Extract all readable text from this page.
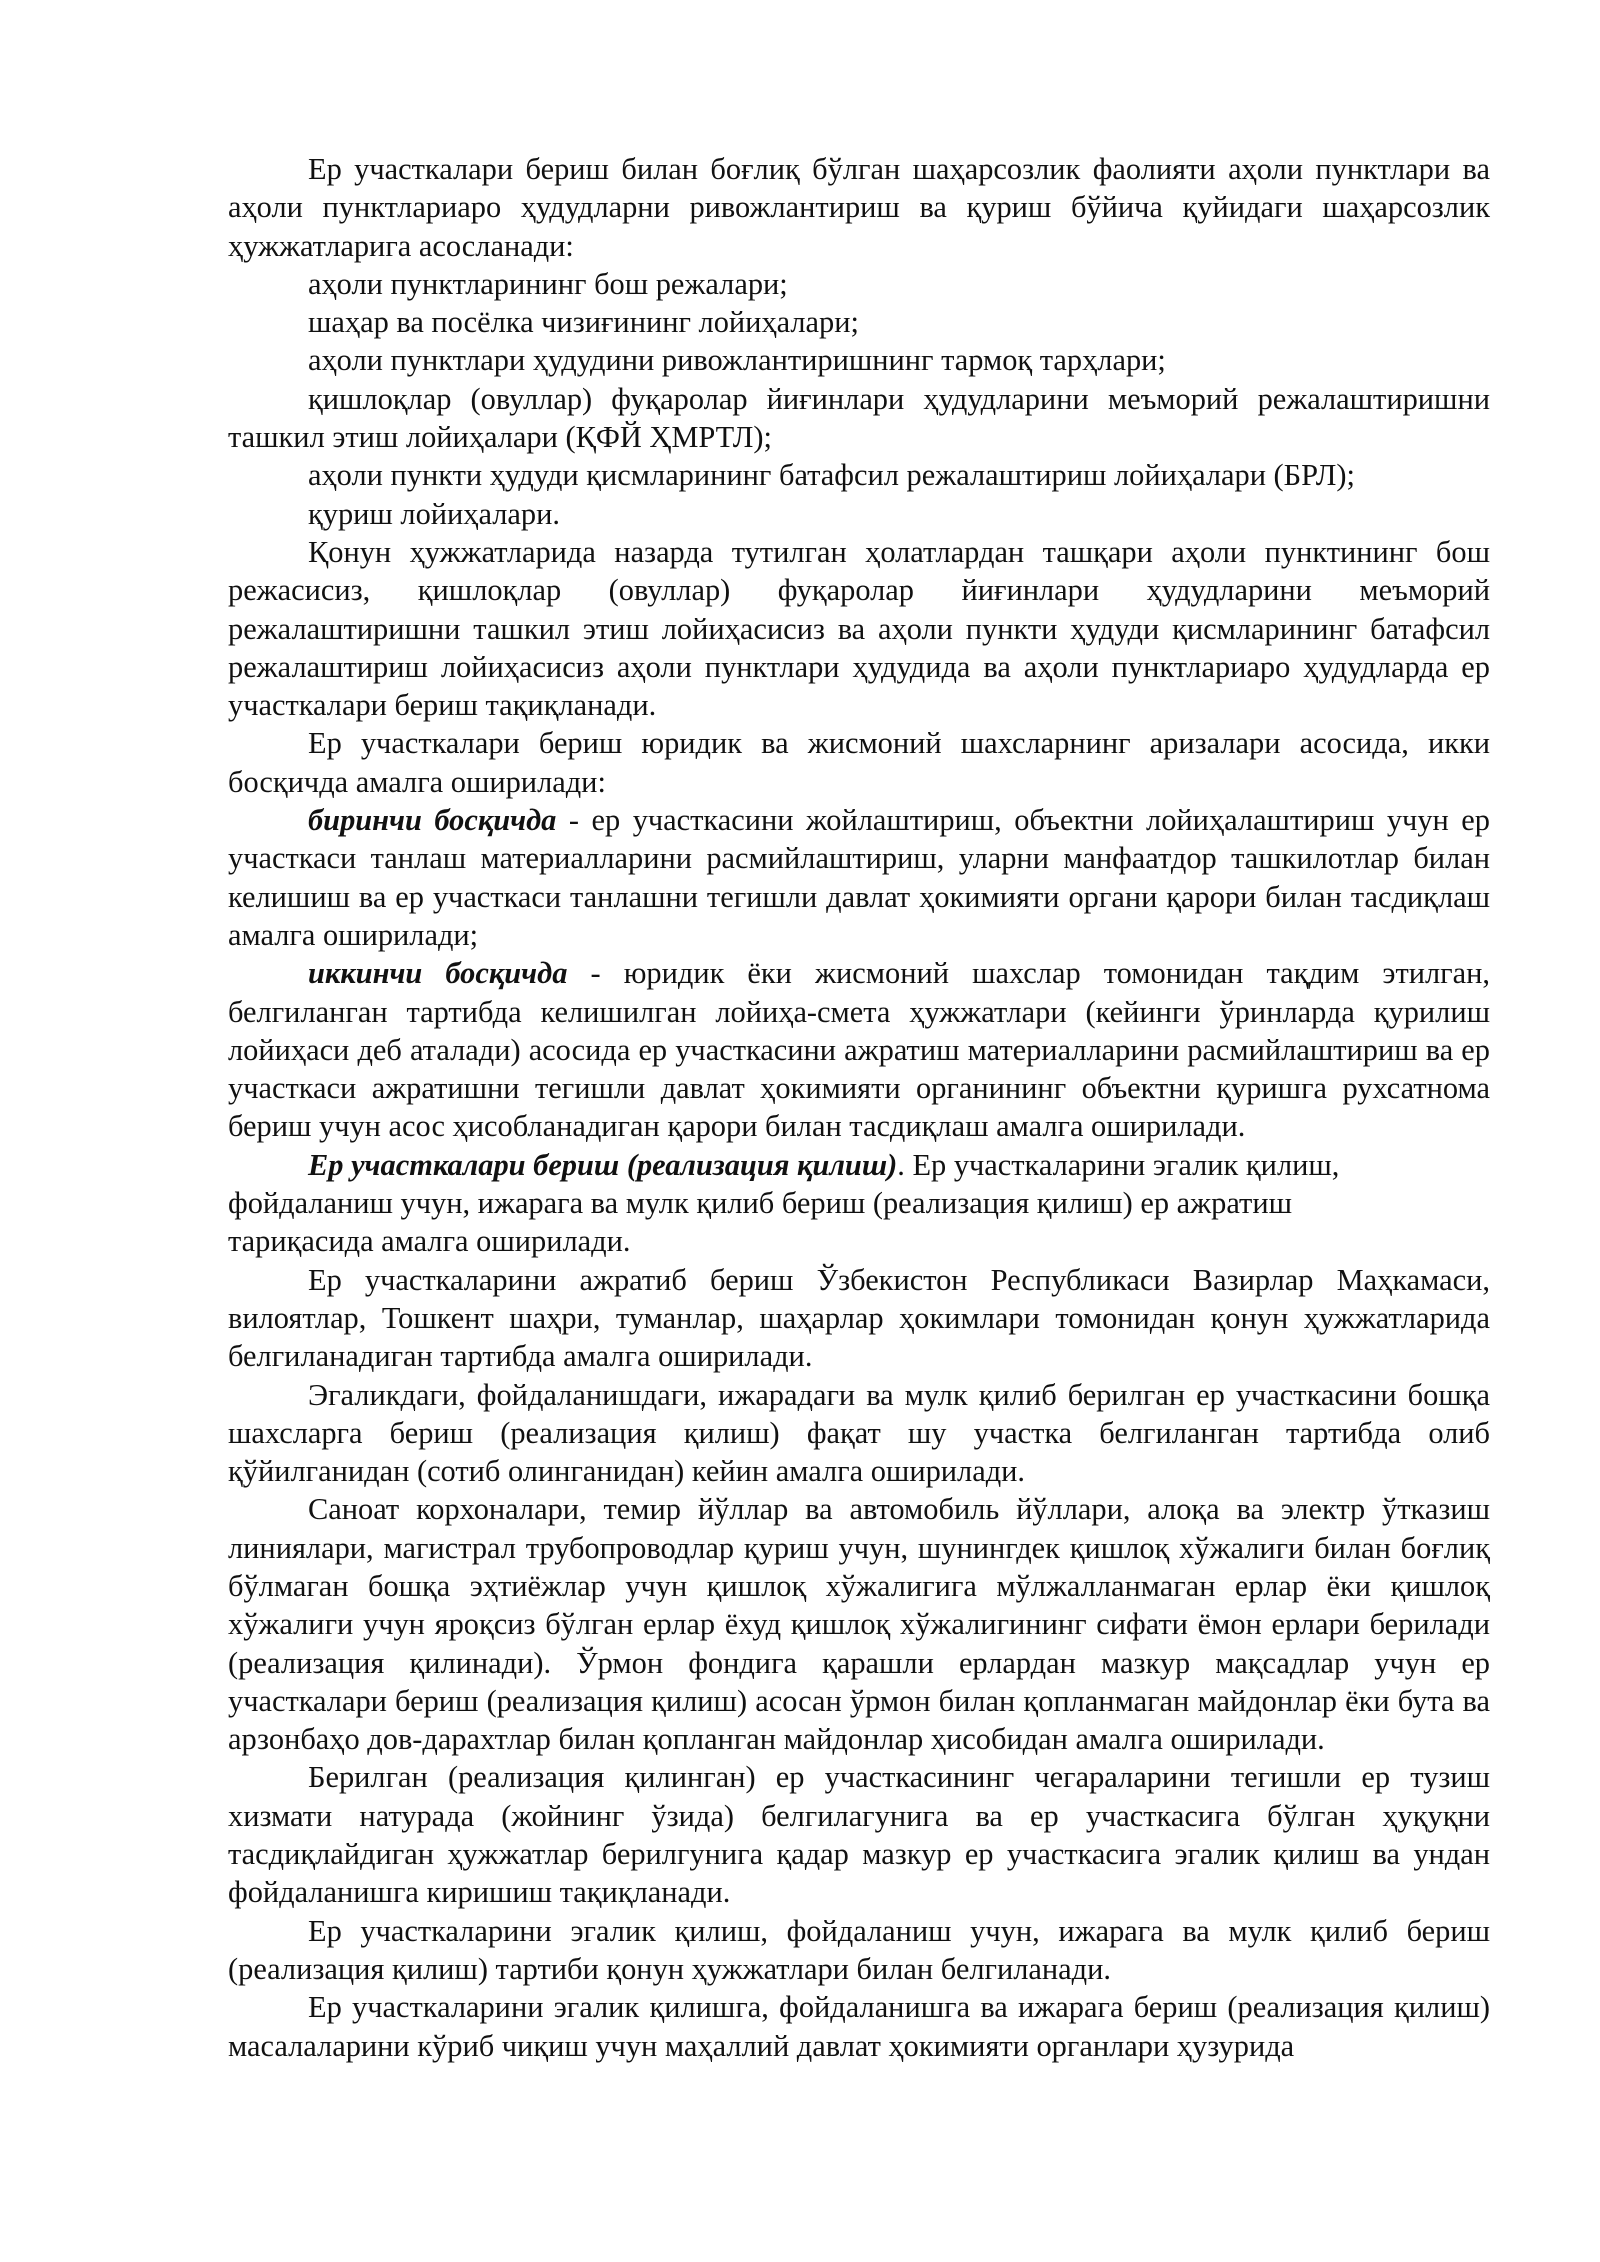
Ер участкалари бериш билан боғлиқ бўлган шаҳарсозлик фаолияти аҳоли пунктлари ва аҳоли пунктлариаро ҳудудларни ривожлантириш ва қуриш бўйича қуйидаги шаҳарсозлик ҳужжатларига асосланади:

аҳоли пунктларининг бош режалари;

шаҳар ва посёлка чизиғининг лойиҳалари;

аҳоли пунктлари ҳудудини ривожлантиришнинг тармоқ тарҳлари;

қишлоқлар (овуллар) фуқаролар йиғинлари ҳудудларини меъморий режалаштиришни ташкил этиш лойиҳалари (ҚФЙ ҲМРТЛ);

аҳоли пункти ҳудуди қисмларининг батафсил режалаштириш лойиҳалари (БРЛ);

қуриш лойиҳалари.

Қонун ҳужжатларида назарда тутилган ҳолатлардан ташқари аҳоли пунктининг бош режасисиз, қишлоқлар (овуллар) фуқаролар йиғинлари ҳудудларини меъморий режалаштиришни ташкил этиш лойиҳасисиз ва аҳоли пункти ҳудуди қисмларининг батафсил режалаштириш лойиҳасисиз аҳоли пунктлари ҳудудида ва аҳоли пунктлариаро ҳудудларда ер участкалари бериш тақиқланади.

Ер участкалари бериш юридик ва жисмоний шахсларнинг аризалари асосида, икки босқичда амалга оширилади:

биринчи босқичда - ер участкасини жойлаштириш, объектни лойиҳалаштириш учун ер участкаси танлаш материалларини расмийлаштириш, уларни манфаатдор ташкилотлар билан келишиш ва ер участкаси танлашни тегишли давлат ҳокимияти органи қарори билан тасдиқлаш амалга оширилади;

иккинчи босқичда - юридик ёки жисмоний шахслар томонидан тақдим этилган, белгиланган тартибда келишилган лойиҳа-смета ҳужжатлари (кейинги ўринларда қурилиш лойиҳаси деб аталади) асосида ер участкасини ажратиш материалларини расмийлаштириш ва ер участкаси ажратишни тегишли давлат ҳокимияти органининг объектни қуришга рухсатнома бериш учун асос ҳисобланадиган қарори билан тасдиқлаш амалга оширилади.

Ер участкалари бериш (реализация қилиш). Ер участкаларини эгалик қилиш,
фойдаланиш учун, ижарага ва мулк қилиб бериш (реализация қилиш) ер ажратиш
тариқасида амалга оширилади.

Ер участкаларини ажратиб бериш Ўзбекистон Республикаси Вазирлар Маҳкамаси, вилоятлар, Тошкент шаҳри, туманлар, шаҳарлар ҳокимлари томонидан қонун ҳужжатларида белгиланадиган тартибда амалга оширилади.

Эгаликдаги, фойдаланишдаги, ижарадаги ва мулк қилиб берилган ер участкасини бошқа шахсларга бериш (реализация қилиш) фақат шу участка белгиланган тартибда олиб қўйилганидан (сотиб олинганидан) кейин амалга оширилади.

Саноат корхоналари, темир йўллар ва автомобиль йўллари, алоқа ва электр ўтказиш линиялари, магистрал трубопроводлар қуриш учун, шунингдек қишлоқ хўжалиги билан боғлиқ бўлмаган бошқа эҳтиёжлар учун қишлоқ хўжалигига мўлжалланмаган ерлар ёки қишлоқ хўжалиги учун яроқсиз бўлган ерлар ёхуд қишлоқ хўжалигининг сифати ёмон ерлари берилади (реализация қилинади). Ўрмон фондига қарашли ерлардан мазкур мақсадлар учун ер участкалари бериш (реализация қилиш) асосан ўрмон билан қопланмаган майдонлар ёки бута ва арзонбаҳо дов-дарахтлар билан қопланган майдонлар ҳисобидан амалга оширилади.

Берилган (реализация қилинган) ер участкасининг чегараларини тегишли ер тузиш хизмати натурада (жойнинг ўзида) белгилагунига ва ер участкасига бўлган ҳуқуқни тасдиқлайдиган ҳужжатлар берилгунига қадар мазкур ер участкасига эгалик қилиш ва ундан фойдаланишга киришиш тақиқланади.

Ер участкаларини эгалик қилиш, фойдаланиш учун, ижарага ва мулк қилиб бериш (реализация қилиш) тартиби қонун ҳужжатлари билан белгиланади.

Ер участкаларини эгалик қилишга, фойдаланишга ва ижарага бериш (реализация қилиш) масалаларини кўриб чиқиш учун маҳаллий давлат ҳокимияти органлари ҳузурида
